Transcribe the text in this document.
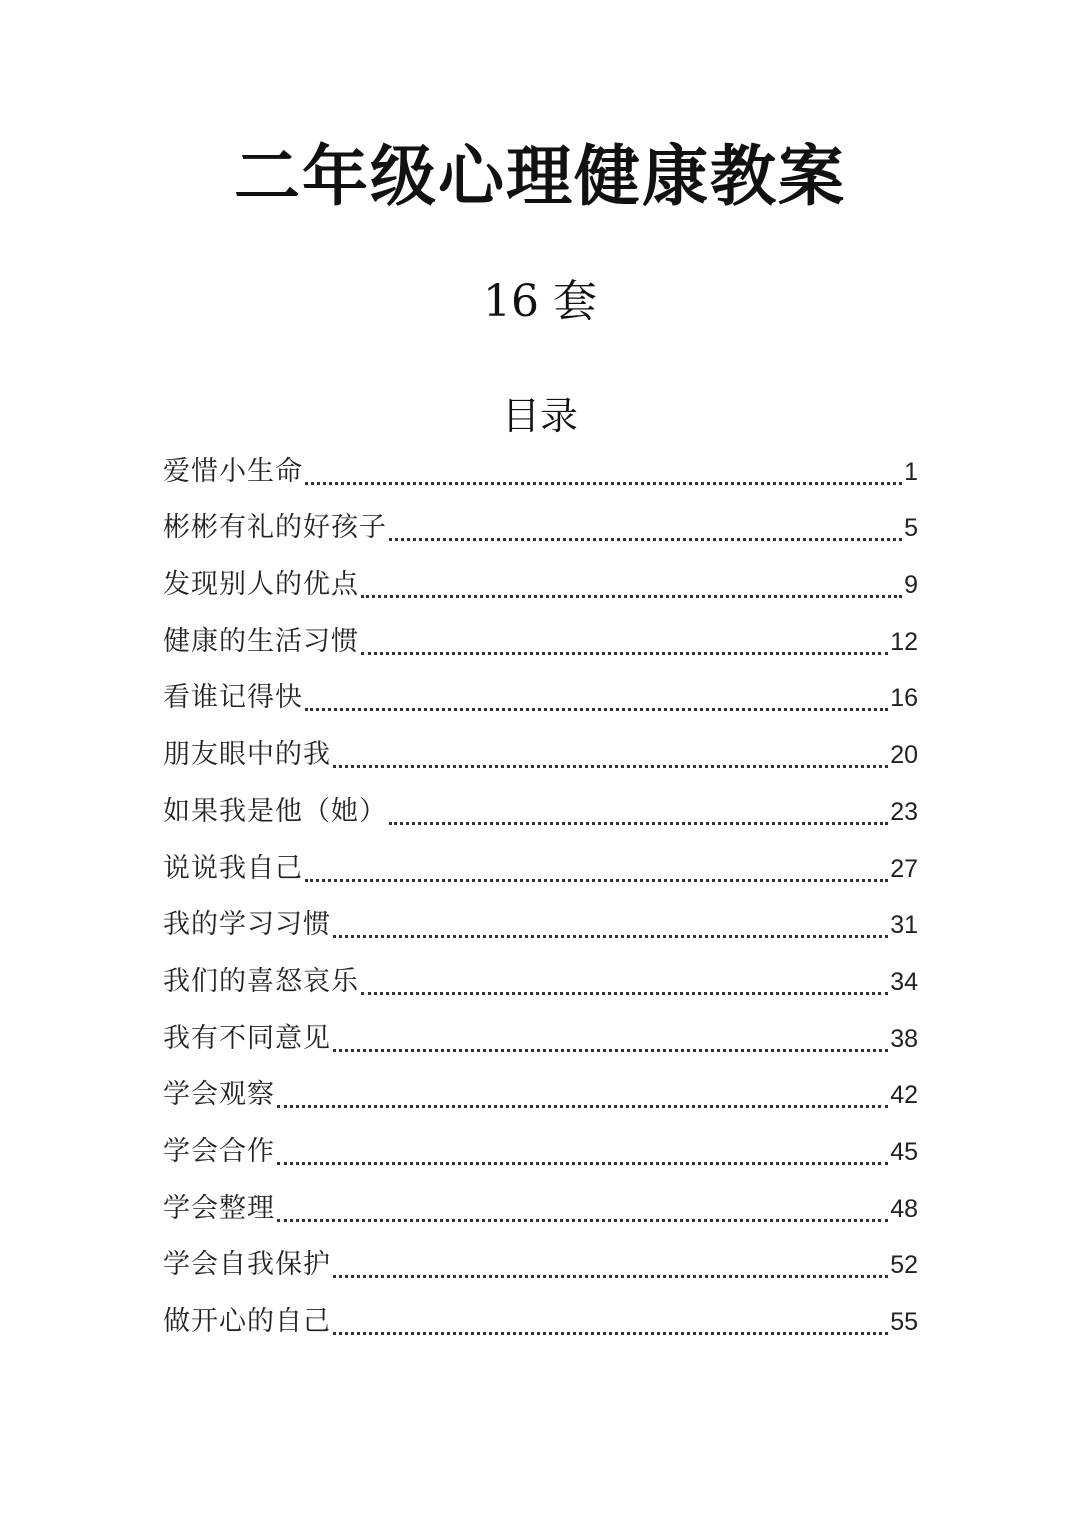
二年级心理健康教案
16 套
目录
爱惜小生命	1
彬彬有礼的好孩子	5
发现别人的优点	9
健康的生活习惯	12
看谁记得快	16
朋友眼中的我	20
如果我是他（她）	23
说说我自己	27
我的学习习惯	31
我们的喜怒哀乐	34
我有不同意见	38
学会观察	42
学会合作	45
学会整理	48
学会自我保护	52
做开心的自己	55
